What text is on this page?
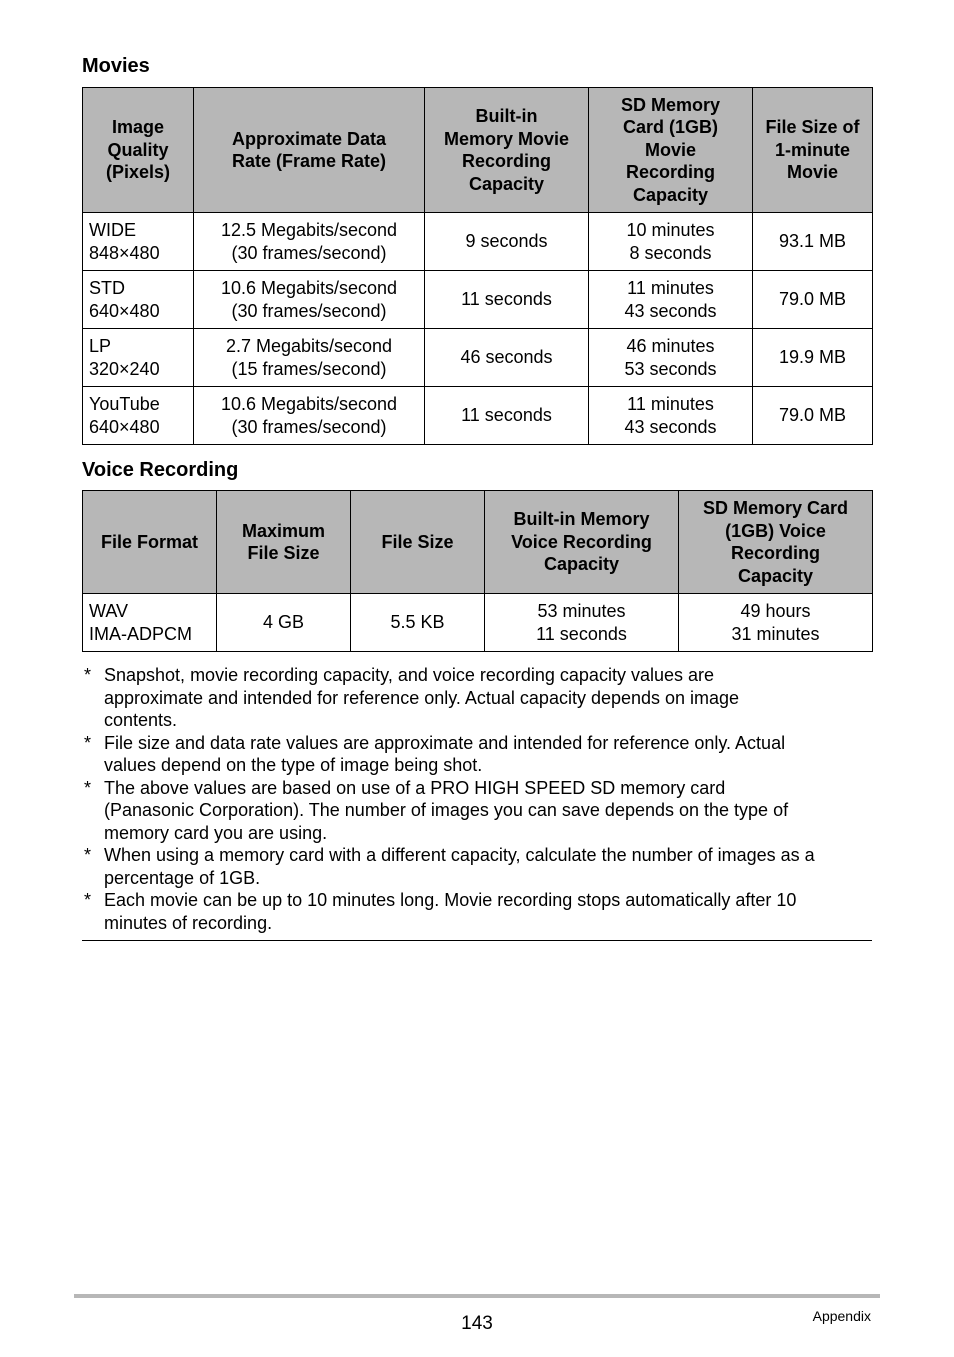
Movies
Image
Quality
(Pixels)	Approximate Data
Rate (Frame Rate)	Built-in
Memory Movie
Recording
Capacity	SD Memory
Card (1GB)
Movie
Recording
Capacity	File Size of
1-minute
Movie

WIDE
848×480	12.5 Megabits/second
(30 frames/second)	9 seconds	10 minutes
8 seconds	93.1 MB

STD
640×480	10.6 Megabits/second
(30 frames/second)	11 seconds	11 minutes
43 seconds	79.0 MB

LP
320×240	2.7 Megabits/second
(15 frames/second)	46 seconds	46 minutes
53 seconds	19.9 MB

YouTube
640×480	10.6 Megabits/second
(30 frames/second)	11 seconds	11 minutes
43 seconds	79.0 MB
Voice Recording
File Format	Maximum
File Size	File Size	Built-in Memory
Voice Recording
Capacity	SD Memory Card
(1GB) Voice
Recording
Capacity

WAV
IMA-ADPCM	4 GB	5.5 KB	53 minutes
11 seconds	49 hours
31 minutes
* Snapshot, movie recording capacity, and voice recording capacity values are
approximate and intended for reference only. Actual capacity depends on image
contents.
* File size and data rate values are approximate and intended for reference only. Actual
values depend on the type of image being shot.
* The above values are based on use of a PRO HIGH SPEED SD memory card
(Panasonic Corporation). The number of images you can save depends on the type of
memory card you are using.
* When using a memory card with a different capacity, calculate the number of images as a
percentage of 1GB.
* Each movie can be up to 10 minutes long. Movie recording stops automatically after 10
minutes of recording.
143	Appendix
